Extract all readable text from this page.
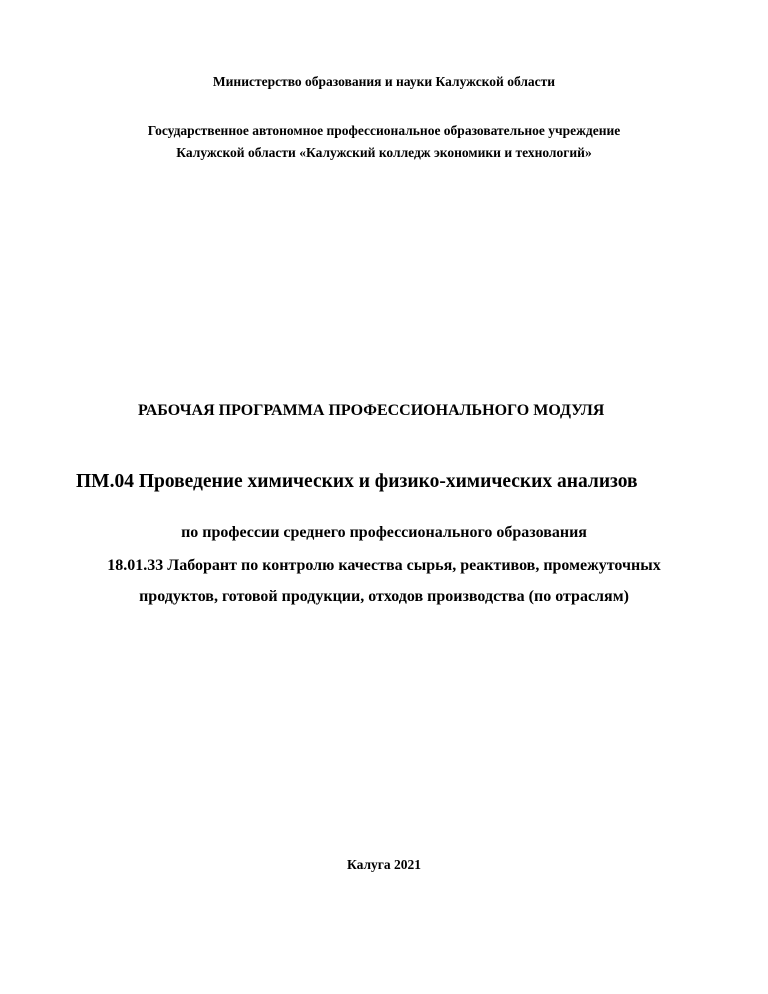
Министерство образования и науки Калужской области
Государственное автономное профессиональное образовательное учреждение
Калужской области «Калужский колледж экономики и технологий»
РАБОЧАЯ ПРОГРАММА ПРОФЕССИОНАЛЬНОГО МОДУЛЯ
ПМ.04 Проведение химических и физико-химических анализов
по профессии среднего профессионального образования
18.01.33 Лаборант по контролю качества сырья, реактивов, промежуточных
продуктов, готовой продукции, отходов производства (по отраслям)
Калуга 2021
